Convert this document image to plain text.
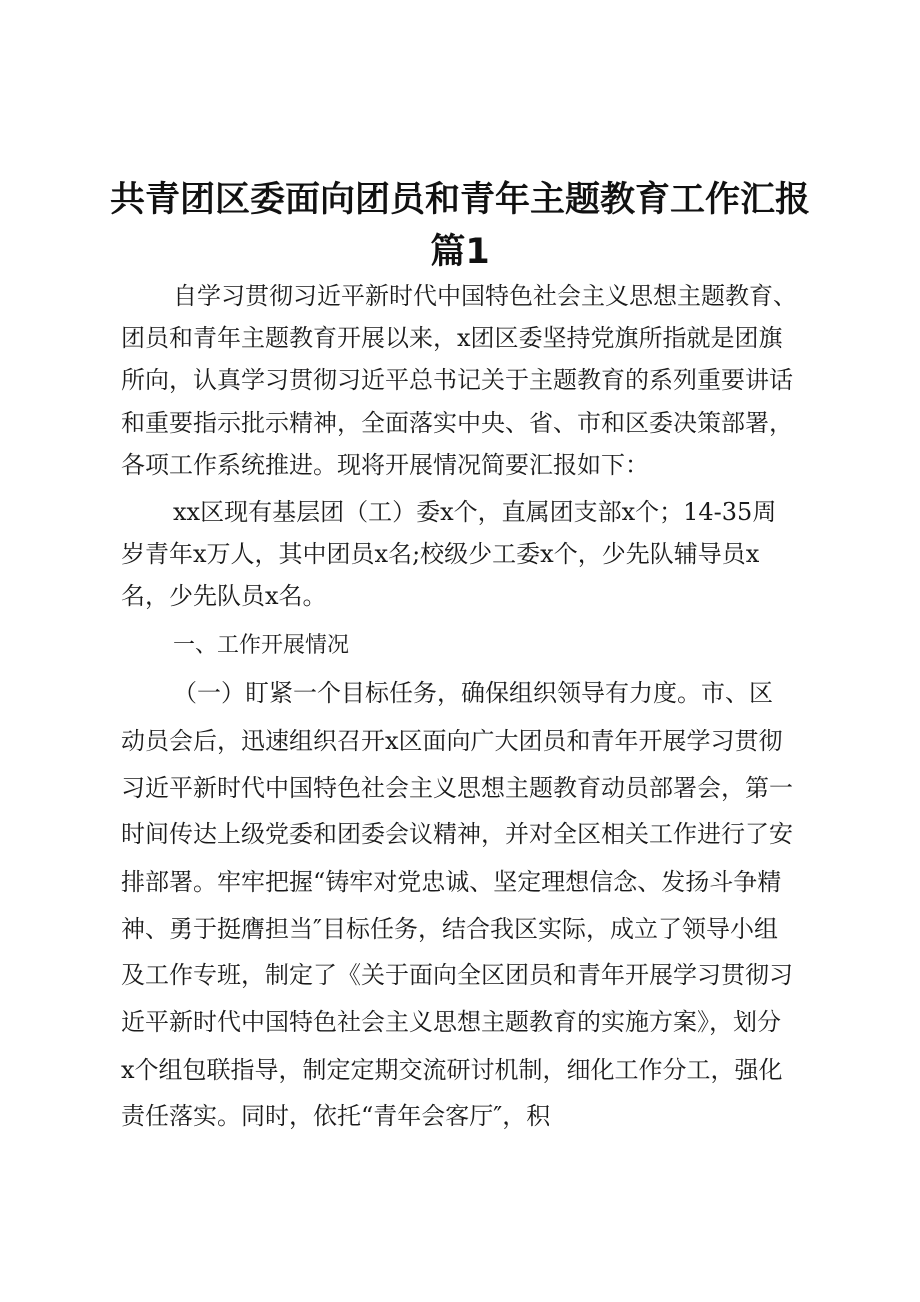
共青团区委面向团员和青年主题教育工作汇报
篇1
自学习贯彻习近平新时代中国特色社会主义思想主题教育、
团员和青年主题教育开展以来，x团区委坚持党旗所指就是团旗
所向，认真学习贯彻习近平总书记关于主题教育的系列重要讲话
和重要指示批示精神，全面落实中央、省、市和区委决策部署，
各项工作系统推进。现将开展情况简要汇报如下：
xx区现有基层团（工）委x个，直属团支部x个；14-35周
岁青年x万人，其中团员x名;校级少工委x个，少先队辅导员x
名，少先队员x名。
一、工作开展情况
（一）盯紧一个目标任务，确保组织领导有力度。市、区
动员会后，迅速组织召开x区面向广大团员和青年开展学习贯彻
习近平新时代中国特色社会主义思想主题教育动员部署会，第一
时间传达上级党委和团委会议精神，并对全区相关工作进行了安
排部署。牢牢把握“铸牢对党忠诚、坚定理想信念、发扬斗争精
神、勇于挺膺担当″目标任务，结合我区实际，成立了领导小组
及工作专班，制定了《关于面向全区团员和青年开展学习贯彻习
近平新时代中国特色社会主义思想主题教育的实施方案》，划分
x个组包联指导，制定定期交流研讨机制，细化工作分工，强化
责任落实。同时，依托“青年会客厅″，积
